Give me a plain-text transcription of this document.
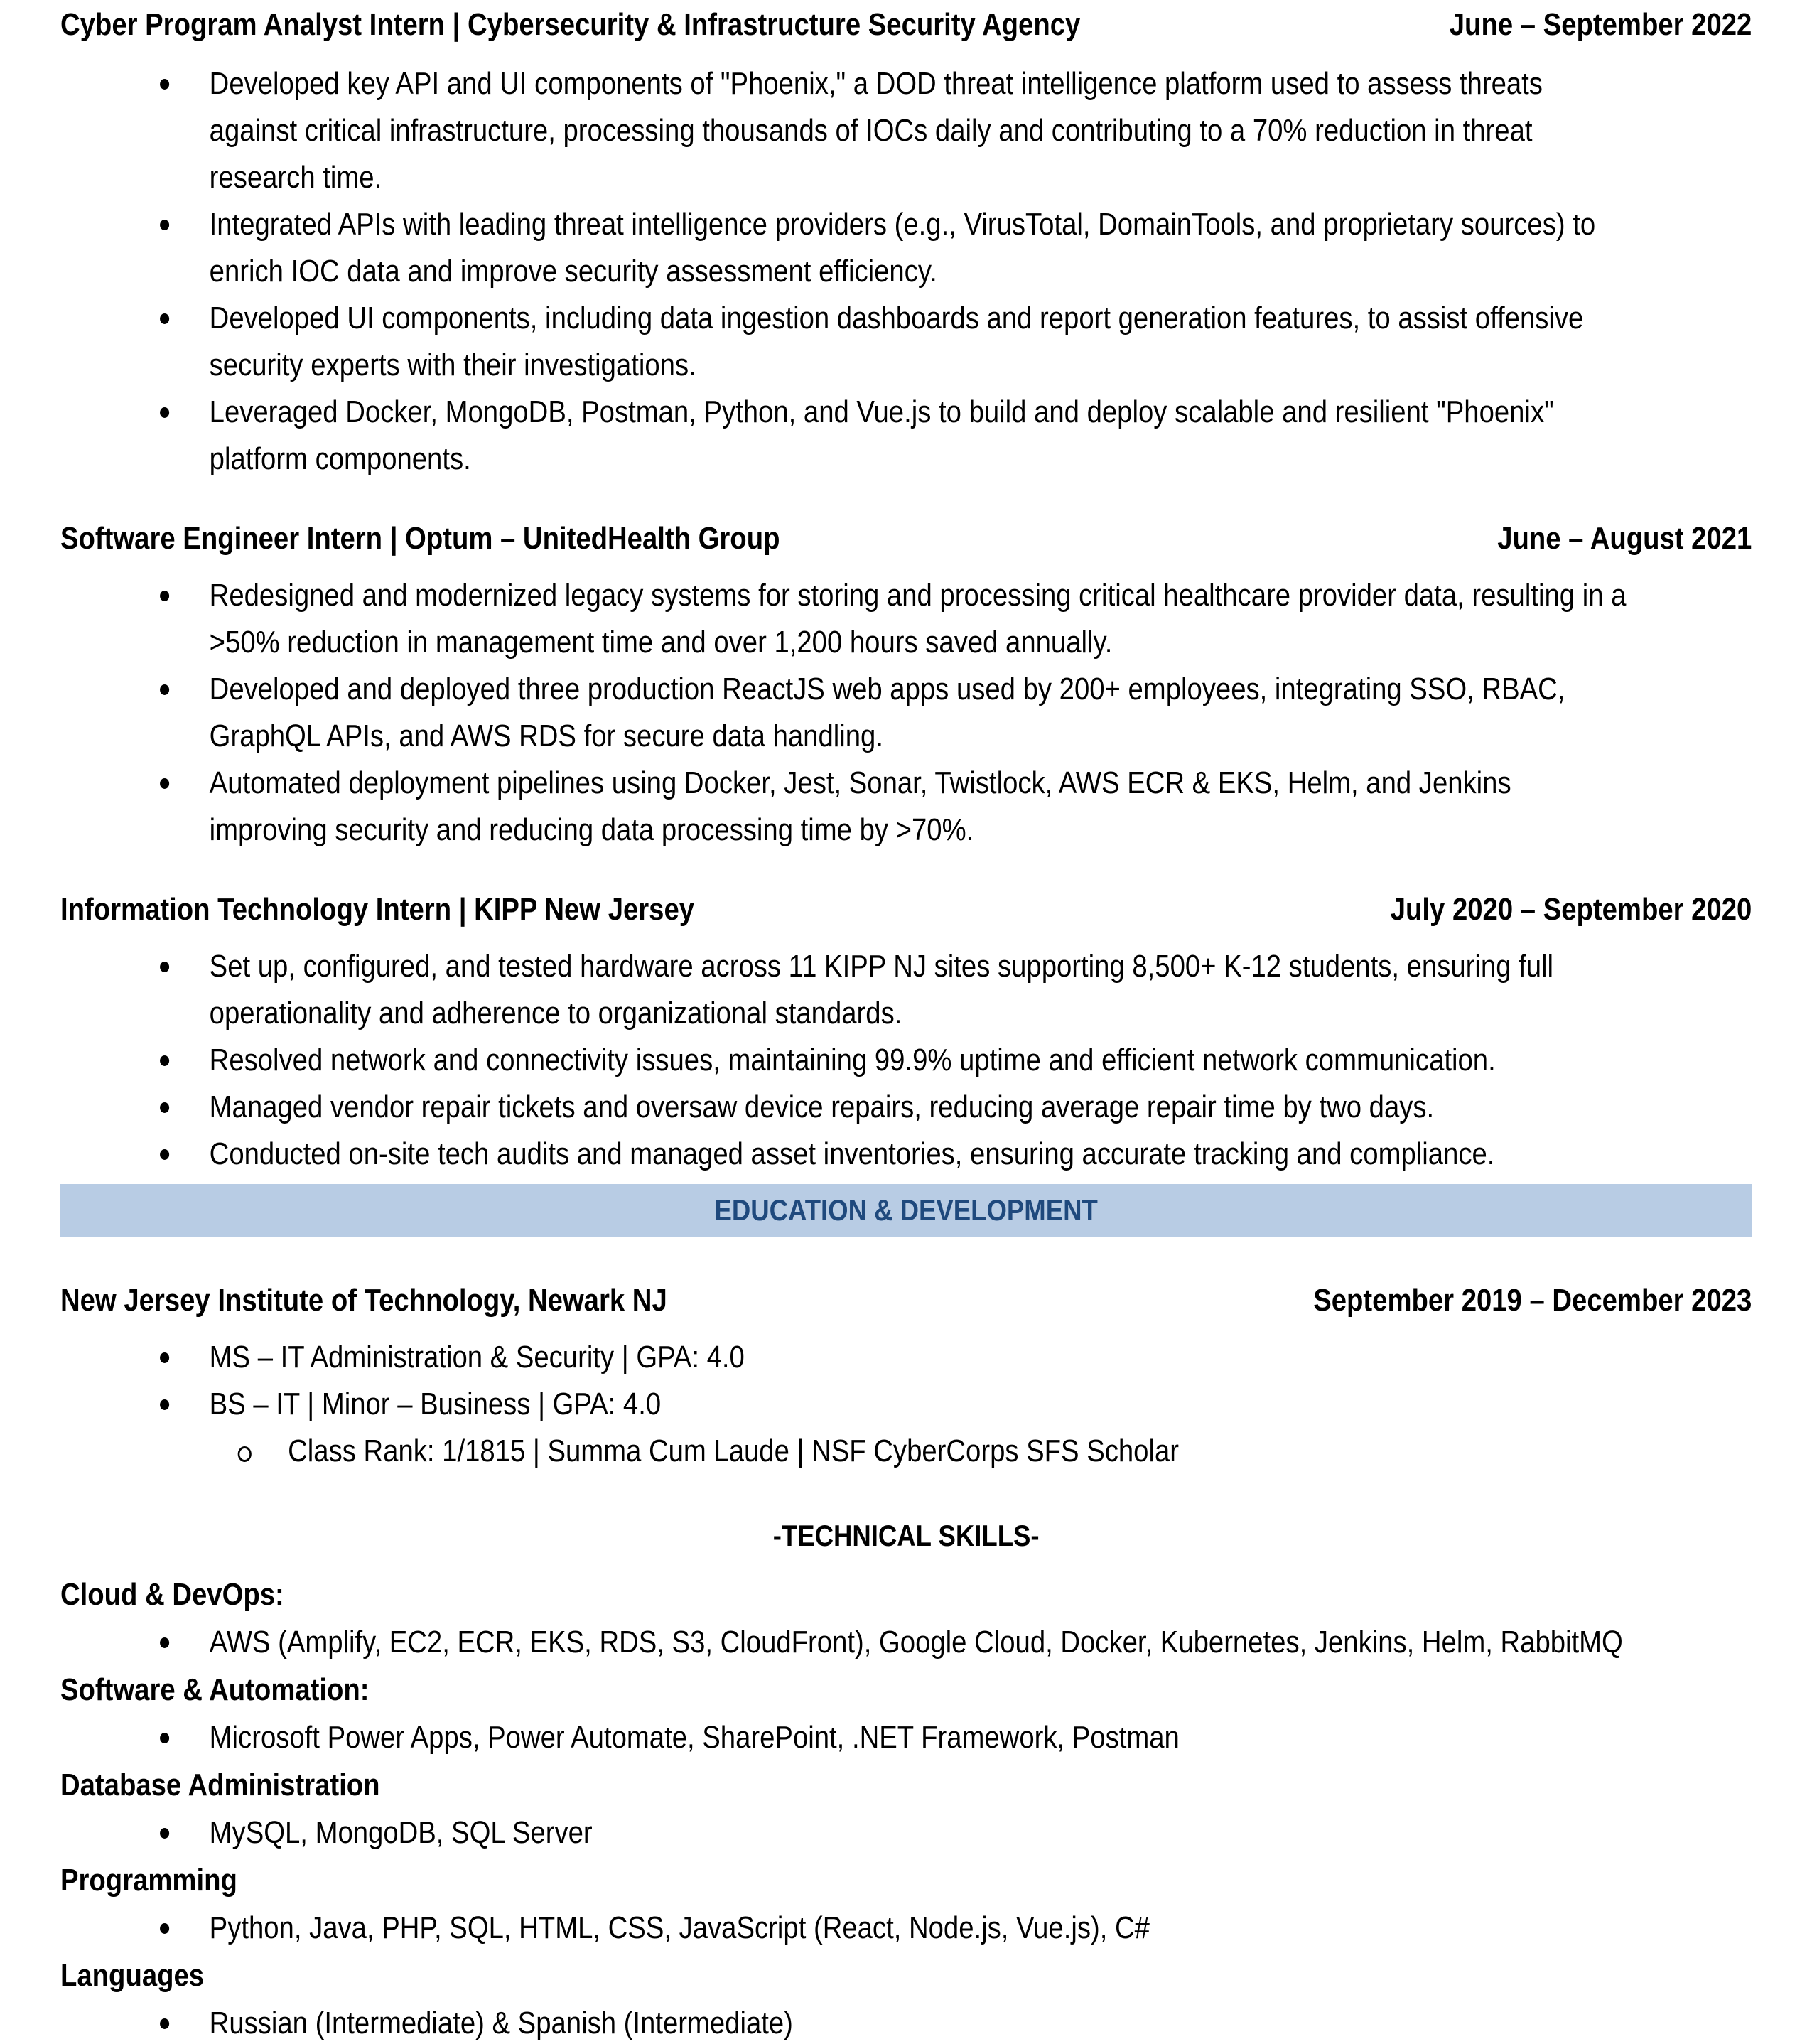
Cyber Program Analyst Intern | Cybersecurity & Infrastructure Security Agency	June – September 2022
Developed key API and UI components of "Phoenix," a DOD threat intelligence platform used to assess threats against critical infrastructure, processing thousands of IOCs daily and contributing to a 70% reduction in threat research time.
Integrated APIs with leading threat intelligence providers (e.g., VirusTotal, DomainTools, and proprietary sources) to enrich IOC data and improve security assessment efficiency.
Developed UI components, including data ingestion dashboards and report generation features, to assist offensive security experts with their investigations.
Leveraged Docker, MongoDB, Postman, Python, and Vue.js to build and deploy scalable and resilient "Phoenix" platform components.
Software Engineer Intern | Optum – UnitedHealth Group	June – August 2021
Redesigned and modernized legacy systems for storing and processing critical healthcare provider data, resulting in a >50% reduction in management time and over 1,200 hours saved annually.
Developed and deployed three production ReactJS web apps used by 200+ employees, integrating SSO, RBAC, GraphQL APIs, and AWS RDS for secure data handling.
Automated deployment pipelines using Docker, Jest, Sonar, Twistlock, AWS ECR & EKS, Helm, and Jenkins improving security and reducing data processing time by >70%.
Information Technology Intern | KIPP New Jersey	July 2020 – September 2020
Set up, configured, and tested hardware across 11 KIPP NJ sites supporting 8,500+ K-12 students, ensuring full operationality and adherence to organizational standards.
Resolved network and connectivity issues, maintaining 99.9% uptime and efficient network communication.
Managed vendor repair tickets and oversaw device repairs, reducing average repair time by two days.
Conducted on-site tech audits and managed asset inventories, ensuring accurate tracking and compliance.
EDUCATION & DEVELOPMENT
New Jersey Institute of Technology, Newark NJ	September 2019 – December 2023
MS – IT Administration & Security | GPA: 4.0
BS – IT | Minor – Business | GPA: 4.0
Class Rank: 1/1815 | Summa Cum Laude | NSF CyberCorps SFS Scholar
-TECHNICAL SKILLS-
Cloud & DevOps:
AWS (Amplify, EC2, ECR, EKS, RDS, S3, CloudFront), Google Cloud, Docker, Kubernetes, Jenkins, Helm, RabbitMQ
Software & Automation:
Microsoft Power Apps, Power Automate, SharePoint, .NET Framework, Postman
Database Administration
MySQL, MongoDB, SQL Server
Programming
Python, Java, PHP, SQL, HTML, CSS, JavaScript (React, Node.js, Vue.js), C#
Languages
Russian (Intermediate) & Spanish (Intermediate)
